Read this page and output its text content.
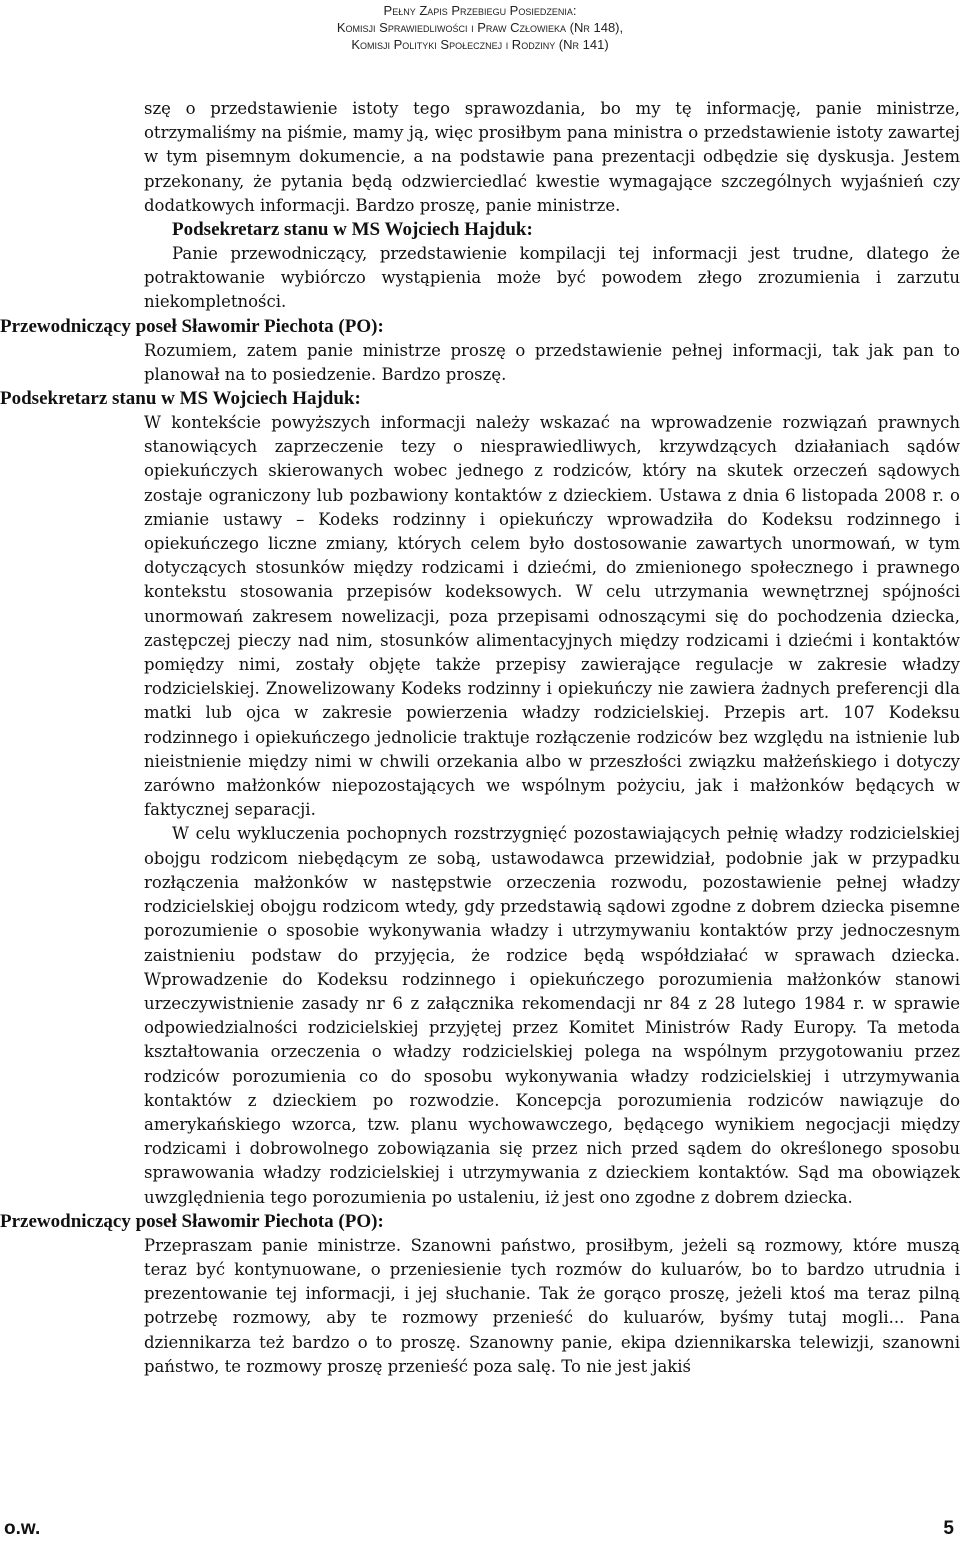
Pełny Zapis Przebiegu Posiedzenia:
Komisji Sprawiedliwości i Praw Człowieka (Nr 148),
Komisji Polityki Społecznej i Rodziny (Nr 141)

szę o przedstawienie istoty tego sprawozdania, bo my tę informację, panie ministrze, otrzymaliśmy na piśmie, mamy ją, więc prosiłbym pana ministra o przedstawienie istoty zawartej w tym pisemnym dokumencie, a na podstawie pana prezentacji odbędzie się dyskusja. Jestem przekonany, że pytania będą odzwierciedlać kwestie wymagające szczególnych wyjaśnień czy dodatkowych informacji. Bardzo proszę, panie ministrze.

Podsekretarz stanu w MS Wojciech Hajduk:

Panie przewodniczący, przedstawienie kompilacji tej informacji jest trudne, dlatego że potraktowanie wybiórczo wystąpienia może być powodem złego zrozumienia i zarzutu niekompletności.

Przewodniczący poseł Sławomir Piechota (PO):

Rozumiem, zatem panie ministrze proszę o przedstawienie pełnej informacji, tak jak pan to planował na to posiedzenie. Bardzo proszę.

Podsekretarz stanu w MS Wojciech Hajduk:

W kontekście powyższych informacji należy wskazać na wprowadzenie rozwiązań prawnych stanowiących zaprzeczenie tezy o niesprawiedliwych, krzywdzących działaniach sądów opiekuńczych skierowanych wobec jednego z rodziców, który na skutek orzeczeń sądowych zostaje ograniczony lub pozbawiony kontaktów z dzieckiem. Ustawa z dnia 6 listopada 2008 r. o zmianie ustawy – Kodeks rodzinny i opiekuńczy wprowadziła do Kodeksu rodzinnego i opiekuńczego liczne zmiany, których celem było dostosowanie zawartych unormowań, w tym dotyczących stosunków między rodzicami i dziećmi, do zmienionego społecznego i prawnego kontekstu stosowania przepisów kodeksowych. W celu utrzymania wewnętrznej spójności unormowań zakresem nowelizacji, poza przepisami odnoszącymi się do pochodzenia dziecka, zastępczej pieczy nad nim, stosunków alimentacyjnych między rodzicami i dziećmi i kontaktów pomiędzy nimi, zostały objęte także przepisy zawierające regulacje w zakresie władzy rodzicielskiej. Znowelizowany Kodeks rodzinny i opiekuńczy nie zawiera żadnych preferencji dla matki lub ojca w zakresie powierzenia władzy rodzicielskiej. Przepis art. 107 Kodeksu rodzinnego i opiekuńczego jednolicie traktuje rozłączenie rodziców bez względu na istnienie lub nieistnienie między nimi w chwili orzekania albo w przeszłości związku małżeńskiego i dotyczy zarówno małżonków niepozostających we wspólnym pożyciu, jak i małżonków będących w faktycznej separacji.

W celu wykluczenia pochopnych rozstrzygnięć pozostawiających pełnię władzy rodzicielskiej obojgu rodzicom niebędącym ze sobą, ustawodawca przewidział, podobnie jak w przypadku rozłączenia małżonków w następstwie orzeczenia rozwodu, pozostawienie pełnej władzy rodzicielskiej obojgu rodzicom wtedy, gdy przedstawią sądowi zgodne z dobrem dziecka pisemne porozumienie o sposobie wykonywania władzy i utrzymywaniu kontaktów przy jednoczesnym zaistnieniu podstaw do przyjęcia, że rodzice będą współdziałać w sprawach dziecka. Wprowadzenie do Kodeksu rodzinnego i opiekuńczego porozumienia małżonków stanowi urzeczywistnienie zasady nr 6 z załącznika rekomendacji nr 84 z 28 lutego 1984 r. w sprawie odpowiedzialności rodzicielskiej przyjętej przez Komitet Ministrów Rady Europy. Ta metoda kształtowania orzeczenia o władzy rodzicielskiej polega na wspólnym przygotowaniu przez rodziców porozumienia co do sposobu wykonywania władzy rodzicielskiej i utrzymywania kontaktów z dzieckiem po rozwodzie. Koncepcja porozumienia rodziców nawiązuje do amerykańskiego wzorca, tzw. planu wychowawczego, będącego wynikiem negocjacji między rodzicami i dobrowolnego zobowiązania się przez nich przed sądem do określonego sposobu sprawowania władzy rodzicielskiej i utrzymywania z dzieckiem kontaktów. Sąd ma obowiązek uwzględnienia tego porozumienia po ustaleniu, iż jest ono zgodne z dobrem dziecka.

Przewodniczący poseł Sławomir Piechota (PO):

Przepraszam panie ministrze. Szanowni państwo, prosiłbym, jeżeli są rozmowy, które muszą teraz być kontynuowane, o przeniesienie tych rozmów do kuluarów, bo to bardzo utrudnia i prezentowanie tej informacji, i jej słuchanie. Tak że gorąco proszę, jeżeli ktoś ma teraz pilną potrzebę rozmowy, aby te rozmowy przenieść do kuluarów, byśmy tutaj mogli... Pana dziennikarza też bardzo o to proszę. Szanowny panie, ekipa dziennikarska telewizji, szanowni państwo, te rozmowy proszę przenieść poza salę. To nie jest jakiś

o.w.	5
